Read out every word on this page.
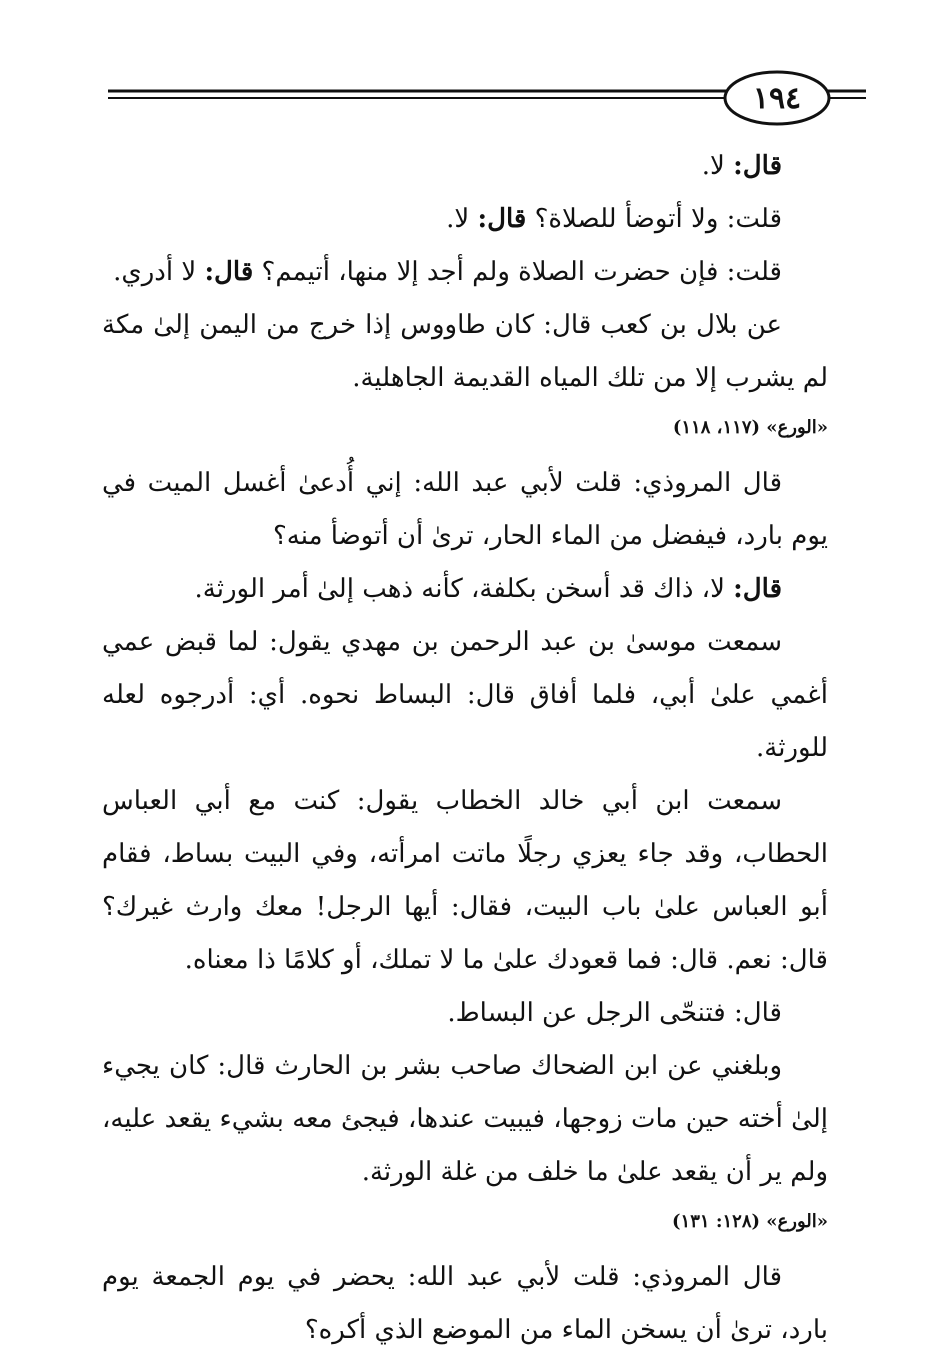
١٩٤

قال: لا.

قلت: ولا أتوضأ للصلاة؟ قال: لا.

قلت: فإن حضرت الصلاة ولم أجد إلا منها، أتيمم؟ قال: لا أدري.

عن بلال بن كعب قال: كان طاووس إذا خرج من اليمن إلىٰ مكة لم يشرب إلا من تلك المياه القديمة الجاهلية.

«الورع» (١١٧، ١١٨)

قال المروذي: قلت لأبي عبد الله: إني أُدعىٰ أغسل الميت في يوم بارد، فيفضل من الماء الحار، ترىٰ أن أتوضأ منه؟

قال: لا، ذاك قد أسخن بكلفة، كأنه ذهب إلىٰ أمر الورثة.

سمعت موسىٰ بن عبد الرحمن بن مهدي يقول: لما قبض عمي أغمي علىٰ أبي، فلما أفاق قال: البساط نحوه. أي: أدرجوه لعله للورثة.

سمعت ابن أبي خالد الخطاب يقول: كنت مع أبي العباس الحطاب، وقد جاء يعزي رجلًا ماتت امرأته، وفي البيت بساط، فقام أبو العباس علىٰ باب البيت، فقال: أيها الرجل! معك وارث غيرك؟ قال: نعم. قال: فما قعودك علىٰ ما لا تملك، أو كلامًا ذا معناه.

قال: فتنحّى الرجل عن البساط.

وبلغني عن ابن الضحاك صاحب بشر بن الحارث قال: كان يجيء إلىٰ أخته حين مات زوجها، فيبيت عندها، فيجئ معه بشيء يقعد عليه، ولم ير أن يقعد علىٰ ما خلف من غلة الورثة.

«الورع» (١٢٨: ١٣١)

قال المروذي: قلت لأبي عبد الله: يحضر في يوم الجمعة يوم بارد، ترىٰ أن يسخن الماء من الموضع الذي أكره؟
